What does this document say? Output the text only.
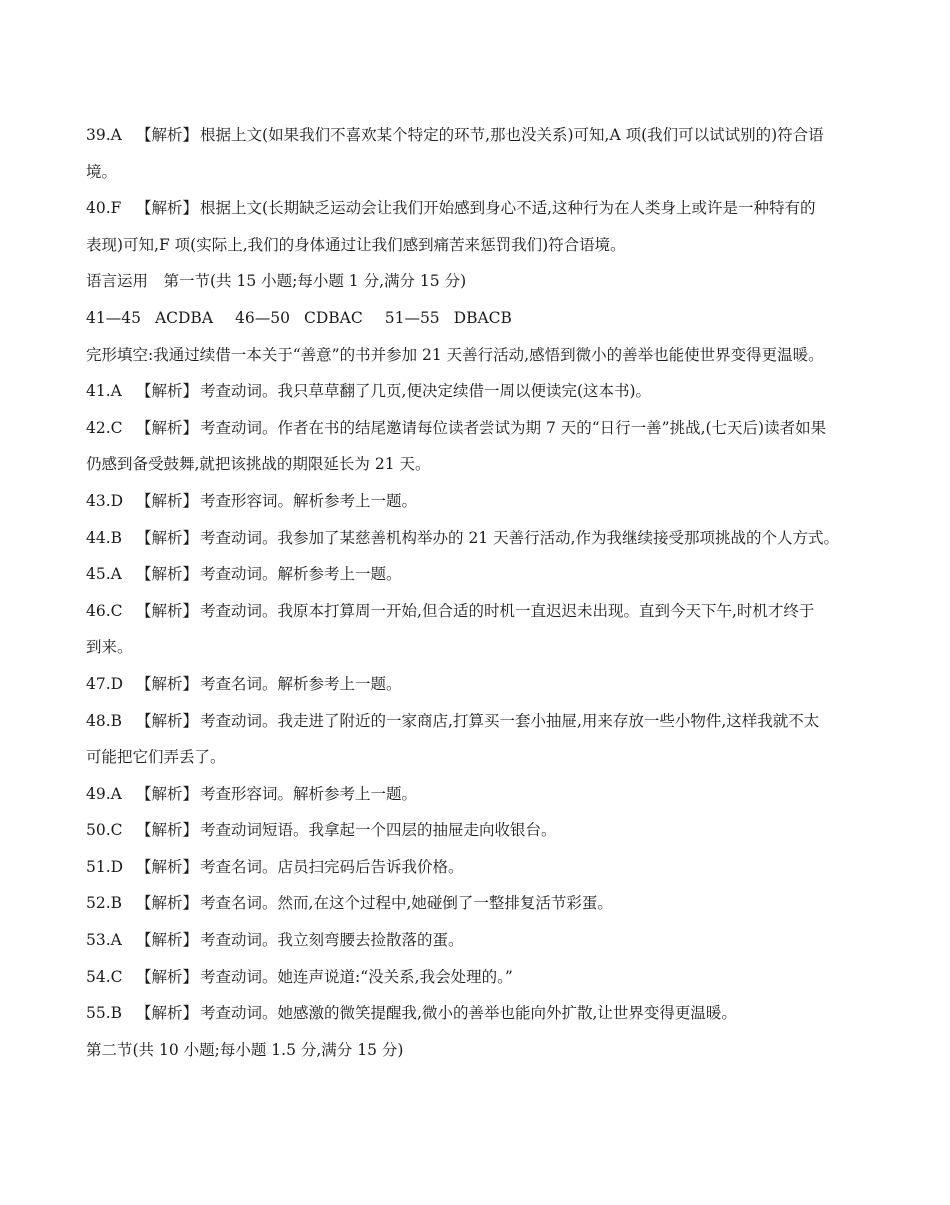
39.A 【解析】 根据上文(如果我们不喜欢某个特定的环节,那也没关系)可知,A 项(我们可以试试别的)符合语
境。
40.F 【解析】 根据上文(长期缺乏运动会让我们开始感到身心不适,这种行为在人类身上或许是一种特有的
表现)可知,F 项(实际上,我们的身体通过让我们感到痛苦来惩罚我们)符合语境。
语言运用　第一节(共 15 小题;每小题 1 分,满分 15 分)
41—45 ACDBA 46—50 CDBAC 51—55 DBACB
完形填空:我通过续借一本关于“善意”的书并参加 21 天善行活动,感悟到微小的善举也能使世界变得更温暖。
41.A 【解析】 考查动词。我只草草翻了几页,便决定续借一周以便读完(这本书)。
42.C 【解析】 考查动词。作者在书的结尾邀请每位读者尝试为期 7 天的“日行一善”挑战,(七天后)读者如果
仍感到备受鼓舞,就把该挑战的期限延长为 21 天。
43.D 【解析】 考查形容词。解析参考上一题。
44.B 【解析】 考查动词。我参加了某慈善机构举办的 21 天善行活动,作为我继续接受那项挑战的个人方式。
45.A 【解析】 考查动词。解析参考上一题。
46.C 【解析】 考查动词。我原本打算周一开始,但合适的时机一直迟迟未出现。直到今天下午,时机才终于
到来。
47.D 【解析】 考查名词。解析参考上一题。
48.B 【解析】 考查动词。我走进了附近的一家商店,打算买一套小抽屉,用来存放一些小物件,这样我就不太
可能把它们弄丢了。
49.A 【解析】 考查形容词。解析参考上一题。
50.C 【解析】 考查动词短语。我拿起一个四层的抽屉走向收银台。
51.D 【解析】 考查名词。店员扫完码后告诉我价格。
52.B 【解析】 考查名词。然而,在这个过程中,她碰倒了一整排复活节彩蛋。
53.A 【解析】 考查动词。我立刻弯腰去捡散落的蛋。
54.C 【解析】 考查动词。她连声说道:“没关系,我会处理的。”
55.B 【解析】 考查动词。她感激的微笑提醒我,微小的善举也能向外扩散,让世界变得更温暖。
第二节(共 10 小题;每小题 1.5 分,满分 15 分)
